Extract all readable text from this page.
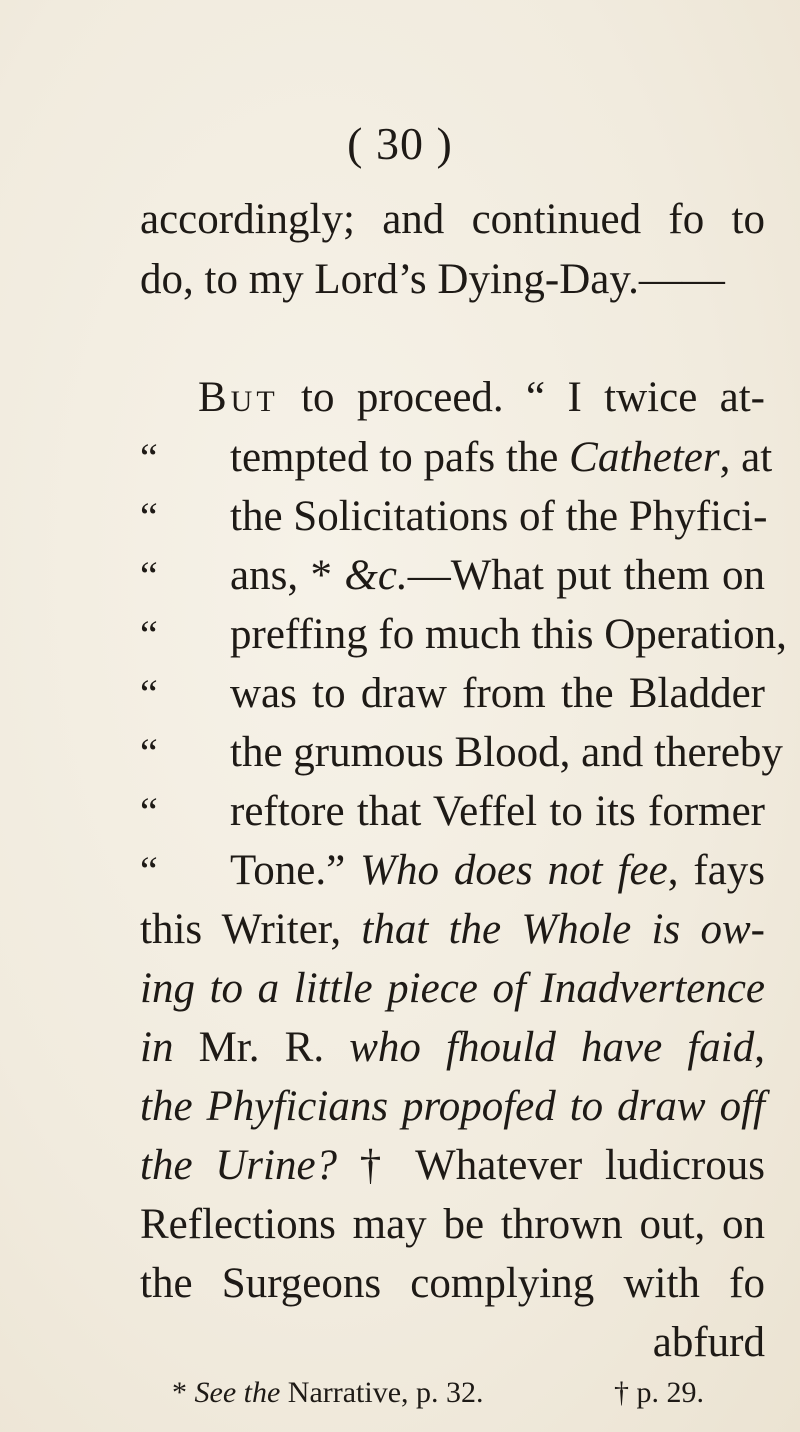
( 30 )
accordingly; and continued fo to
do, to my Lord’s Dying-Day.——
But to proceed. “ I twice at-
“ tempted to pafs the Catheter, at
“ the Solicitations of the Phyfici-
“ ans, * &c.—What put them on
“ preffing fo much this Operation,
“ was to draw from the Bladder
“ the grumous Blood, and thereby
“ reftore that Veffel to its former
“ Tone.” Who does not fee, fays
this Writer, that the Whole is ow-
ing to a little piece of Inadvertence
in Mr. R. who fhould have faid,
the Phyficians propofed to draw off
the Urine? † Whatever ludicrous
Reflections may be thrown out, on
the Surgeons complying with fo
abfurd
* See the Narrative, p. 32.	† p. 29.
